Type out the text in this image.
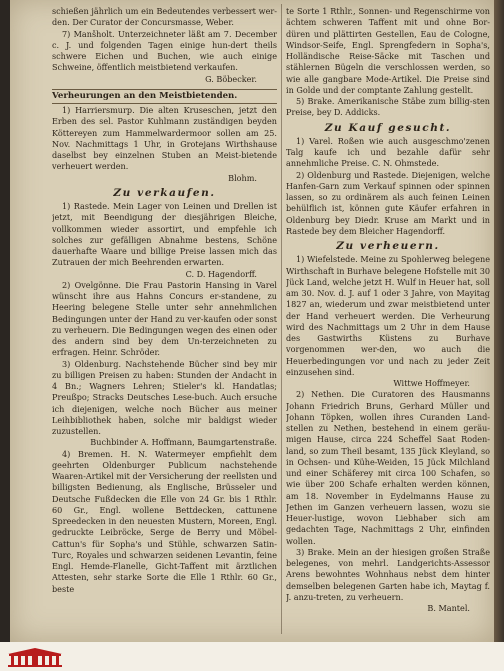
schießen jährlich um ein Bedeutendes verbessert wer-den. Der Curator der Concursmasse, Weber.

7) Manšholt. Unterzeichneter läßt am 7. December c. J. und folgenden Tagen einige hun-dert theils schwere Eichen und Buchen, wie auch einige Schweine, öffentlich meistbietend verkaufen.

G. Böbecker.

Verheurungen an den Meistbietenden.

1) Harriersmurp. Die alten Kruseschen, jetzt den Erben des sel. Pastor Kuhlmann zuständigen beyden Köttereyen zum Hammelwardermoor sollen am 25. Nov. Nachmittags 1 Uhr, in Grotejans Wirthshause daselbst bey einzelnen Stuben an Meist-bietende verheuert werden.

Blohm.

Zu verkaufen.

1) Rastede. Mein Lager von Leinen und Drellen ist jetzt, mit Beendigung der diesjährigen Bleiche, vollkommen wieder assortirt, und empfehle ich solches zur gefälligen Abnahme bestens, Schöne dauerhafte Waare und billige Preise lassen mich das Zutrauen der mich Beehrenden erwarten.

C. D. Hagendorff.

2) Ovelgönne. Die Frau Pastorin Hansing in Varel wünscht ihre aus Hahns Concurs er-standene, zu Heering belegene Stelle unter sehr annehmlichen Bedingungen unter der Hand zu ver-kaufen oder sonst zu verheuern. Die Bedingungen wegen des einen oder des andern sind bey dem Un-terzeichneten zu erfragen. Heinr. Schröder.

3) Oldenburg. Nachstehende Bücher sind bey mir zu billigen Preisen zu haben: Stunden der Andacht in 4 Bn.; Wagners Lehren; Stieler's kl. Handatlas; Preußpo; Stracks Deutsches Lese-buch. Auch ersuche ich diejenigen, welche noch Bücher aus meiner Leihbibliothek haben, solche mir baldigst wieder zuzustellen.

Buchbinder A. Hoffmann, Baumgartenstraße.

4) Bremen. H. N. Watermeyer empfiehlt dem geehrten Oldenburger Publicum nachstehende Waaren-Artikel mit der Versicherung der reellsten und billigsten Bedienung, als Englische, Brüsseler und Deutsche Fußdecken die Elle von 24 Gr. bis 1 Rthlr. 60 Gr., Engl. wollene Bettdecken, cattunene Spreedecken in den neuesten Mustern, Moreen, Engl. gedruckte Leibröcke, Serge de Berry und Möbel-Cattun's für Sopha's und Stühle, schwarzen Satin-Turc, Royales und schwarzen seidenen Levantin, feine Engl. Hemde-Flanelle, Gicht-Taffent mit ärztlichen Attesten, sehr starke Sorte die Elle 1 Rthlr. 60 Gr., beste

te Sorte 1 Rthlr., Sonnen- und Regenschirme von ächtem schweren Taffent mit und ohne Bor-düren und plättirten Gestellen, Eau de Cologne, Windsor-Seife, Engl. Sprengfedern in Sopha's, Holländische Reise-Säcke mit Taschen und stählernen Bügeln die verschlossen werden, so wie alle gangbare Mode-Artikel. Die Preise sind in Golde und der comptante Zahlung gestellt.

5) Brake. Amerikanische Stäbe zum billig-sten Preise, bey D. Addicks.

Zu Kauf gesucht.

1) Varel. Roßen wie auch ausgeschmo'zenen Talg kaufe ich und bezahle dafür sehr annehmliche Preise. C. N. Ohmstede.

2) Oldenburg und Rastede. Diejenigen, welche Hanfen-Garn zum Verkauf spinnen oder spinnen lassen, so zu ordinärem als auch feinen Leinen behülflich ist, können gute Käufer erfahren in Oldenburg bey Diedr. Kruse am Markt und in Rastede bey dem Bleicher Hagendorff.

Zu verheuern.

1) Wiefelstede. Meine zu Spohlerweg belegene Wirthschaft in Burhave belegene Hofstelle mit 30 Jück Land, welche jetzt H. Wulf in Heuer hat, soll am 30. Nov. d. J. auf 1 oder 3 Jahre, von Mayitag 1827 an, wiederum und zwar meistbietend unter der Hand verheuert werden. Die Verheurung wird des Nachmittags um 2 Uhr in dem Hause des Gastwirths Küstens zu Burhave vorgenommen wer-den, wo auch die Heuerbedingungen vor und nach zu jeder Zeit einzusehen sind.

Wittwe Hoffmeyer.

2) Nethen. Die Curatoren des Hausmanns Johann Friedrich Bruns, Gerhard Müller und Johann Töpken, wollen ihres Curanden Land-stellen zu Nethen, bestehend in einem geräu-migen Hause, circa 224 Scheffel Saat Roden-land, so zum Theil besamt, 135 Jück Kleyland, so in Ochsen- und Kühe-Weiden, 15 Jück Milchland und einer Schäferey mit circa 100 Schafen, so wie über 200 Schafe erhalten werden können, am 18. November in Eydelmanns Hause zu Jethen im Ganzen verheuern lassen, wozu sie Heuer-lustige, wovon Liebhaber sich am gedachten Tage, Nachmittags 2 Uhr, einfinden wollen.

3) Brake. Mein an der hiesigen großen Straße belegenes, von mehrl. Landgerichts-Assessor Arens bewohntes Wohnhaus nebst dem hinter demselben belegenen Garten habe ich, Maytag f. J. anzu-treten, zu verheuern.

B. Mantel.
